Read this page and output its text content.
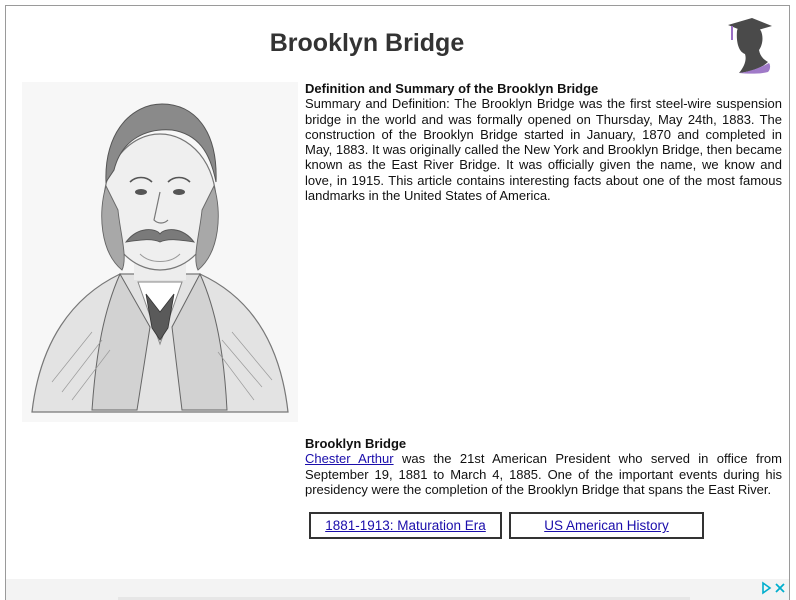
Brooklyn Bridge
Definition and Summary of the Brooklyn Bridge

Summary and Definition: The Brooklyn Bridge was the first steel-wire suspension bridge in the world and was formally opened on Thursday, May 24th, 1883. The construction of the Brooklyn Bridge started in January, 1870 and completed in May, 1883. It was originally called the New York and Brooklyn Bridge, then became known as the East River Bridge. It was officially given the name, we know and love, in 1915. This article contains interesting facts about one of the most famous landmarks in the United States of America.

Brooklyn Bridge

Chester Arthur was the 21st American President who served in office from September 19, 1881 to March 4, 1885. One of the important events during his presidency were the completion of the Brooklyn Bridge that spans the East River.

1881-1913: Maturation Era	US American History
